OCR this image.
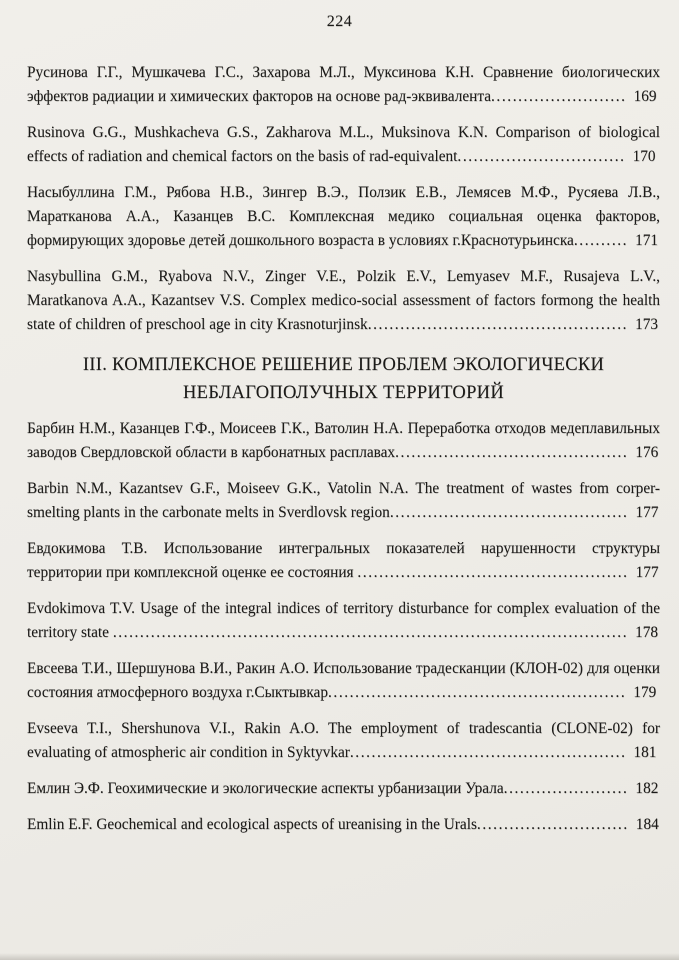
224

Русинова Г.Г., Мушкачева Г.С., Захарова М.Л., Муксинова К.Н. Сравнение биологических эффектов радиации и химических факторов на основе рад-эквивалента......................... 169

Rusinova G.G., Mushkacheva G.S., Zakharova M.L., Muksinova K.N. Comparison of biological effects of radiation and chemical factors on the basis of rad-equivalent............................... 170

Насыбуллина Г.М., Рябова Н.В., Зингер В.Э., Ползик Е.В., Лемясев М.Ф., Русяева Л.В., Маратканова А.А., Казанцев В.С. Комплексная медико социальная оценка факторов, формирующих здоровье детей дошкольного возраста в условиях г.Краснотурьинска.......... 171

Nasybullina G.M., Ryabova N.V., Zinger V.E., Polzik E.V., Lemyasev M.F., Rusajeva L.V., Maratkanova A.A., Kazantsev V.S. Complex medico-social assessment of factors formong the health state of children of preschool age in city Krasnoturjinsk................................................ 173

III. КОМПЛЕКСНОЕ РЕШЕНИЕ ПРОБЛЕМ ЭКОЛОГИЧЕСКИ НЕБЛАГОПОЛУЧНЫХ ТЕРРИТОРИЙ

Барбин Н.М., Казанцев Г.Ф., Моисеев Г.К., Ватолин Н.А. Переработка отходов медеплавильных заводов Свердловской области в карбонатных расплавах........................................... 176

Barbin N.M., Kazantsev G.F., Moiseev G.K., Vatolin N.A. The treatment of wastes from corper-smelting plants in the carbonate melts in Sverdlovsk region............................................ 177

Евдокимова Т.В. Использование интегральных показателей нарушенности структуры территории при комплексной оценке ее состояния .................................................. 177

Evdokimova T.V. Usage of the integral indices of territory disturbance for complex evaluation of the territory state ............................................................................................... 178

Евсеева Т.И., Шершунова В.И., Ракин А.О. Использование традесканции (КЛОН-02) для оценки состояния атмосферного воздуха г.Сыктывкар....................................................... 179

Evseeva T.I., Shershunova V.I., Rakin A.O. The employment of tradescantia (CLONE-02) for evaluating of atmospheric air condition in Syktyvkar................................................... 181

Емлин Э.Ф. Геохимические и экологические аспекты урбанизации Урала....................... 182

Emlin E.F. Geochemical and ecological aspects of ureanising in the Urals............................ 184
